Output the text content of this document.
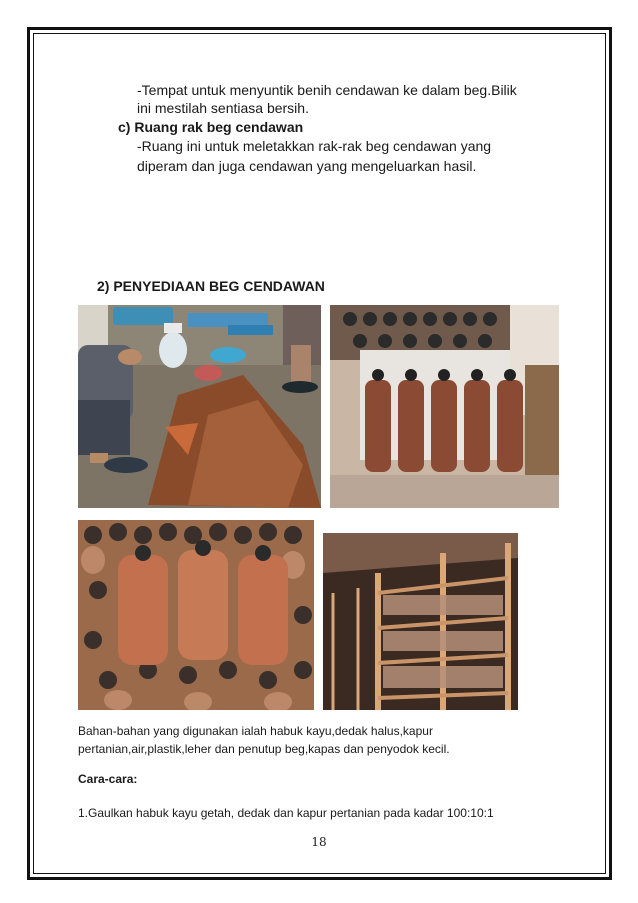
-Tempat untuk menyuntik benih cendawan ke dalam beg.Bilik
ini mestilah sentiasa bersih.
c) Ruang rak beg cendawan
-Ruang ini untuk meletakkan rak-rak beg cendawan yang
diperam dan juga cendawan yang mengeluarkan hasil.
2) PENYEDIAAN BEG CENDAWAN
Bahan-bahan yang digunakan ialah habuk kayu,dedak halus,kapur
pertanian,air,plastik,leher dan penutup beg,kapas dan penyodok kecil.
Cara-cara:
1.Gaulkan habuk kayu getah, dedak dan kapur pertanian pada kadar 100:10:1
18
